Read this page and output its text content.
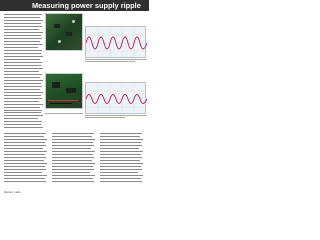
Measuring power supply ripple
Elektor Labs
